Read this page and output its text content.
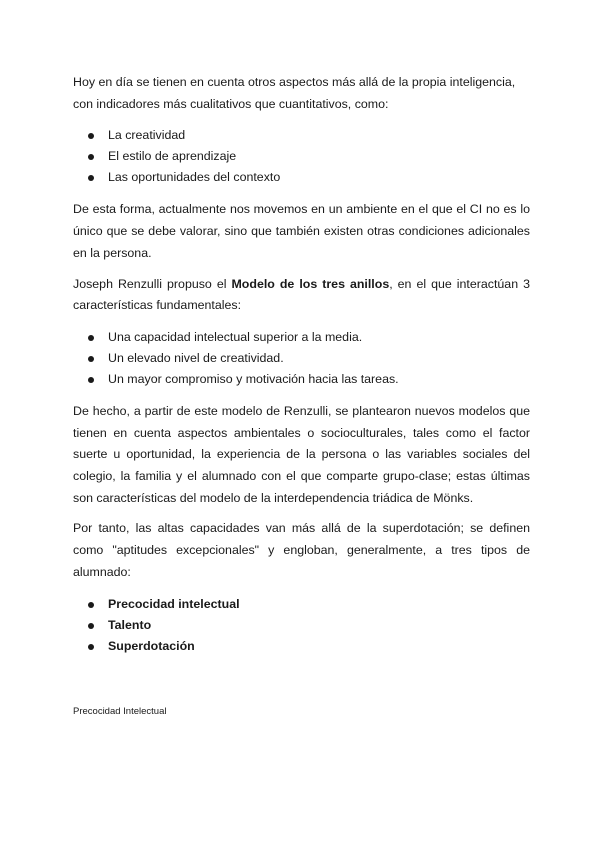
Hoy en día se tienen en cuenta otros aspectos más allá de la propia inteligencia, con indicadores más cualitativos que cuantitativos, como:

La creatividad
El estilo de aprendizaje
Las oportunidades del contexto

De esta forma, actualmente nos movemos en un ambiente en el que el CI no es lo único que se debe valorar, sino que también existen otras condiciones adicionales en la persona.

Joseph Renzulli propuso el Modelo de los tres anillos, en el que interactúan 3 características fundamentales:

Una capacidad intelectual superior a la media.
Un elevado nivel de creatividad.
Un mayor compromiso y motivación hacia las tareas.

De hecho, a partir de este modelo de Renzulli, se plantearon nuevos modelos que tienen en cuenta aspectos ambientales o socioculturales, tales como el factor suerte u oportunidad, la experiencia de la persona o las variables sociales del colegio, la familia y el alumnado con el que comparte grupo-clase; estas últimas son características del modelo de la interdependencia triádica de Mönks.

Por tanto, las altas capacidades van más allá de la superdotación; se definen como "aptitudes excepcionales" y engloban, generalmente, a tres tipos de alumnado:

Precocidad intelectual
Talento
Superdotación
Precocidad Intelectual
